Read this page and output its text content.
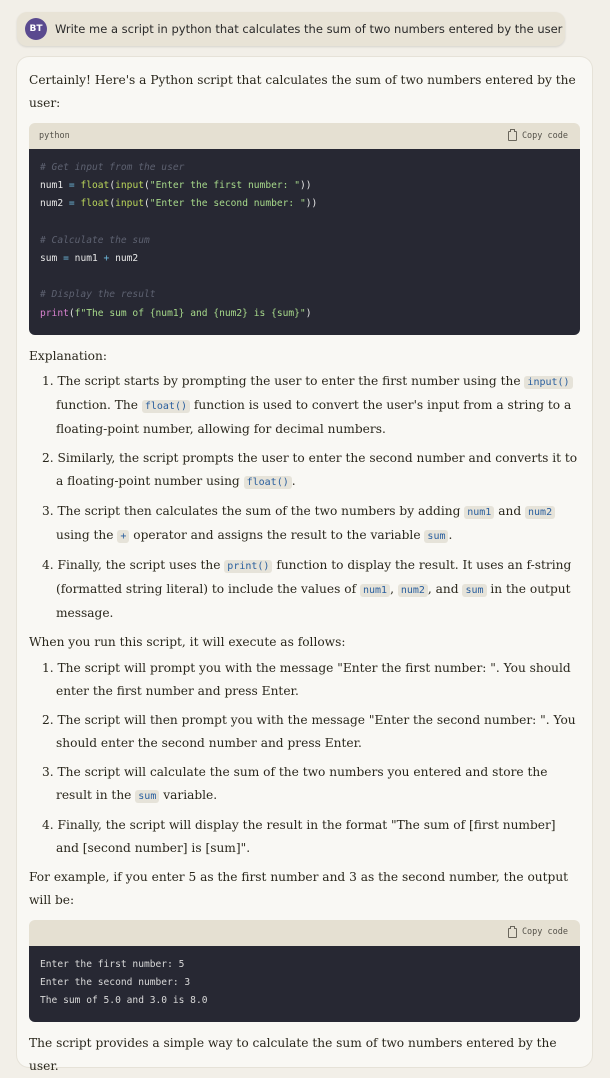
BT	Write me a script in python that calculates the sum of two numbers entered by the user

Certainly! Here's a Python script that calculates the sum of two numbers entered by the user:

python	Copy code
# Get input from the user
num1 = float(input("Enter the first number: "))
num2 = float(input("Enter the second number: "))

# Calculate the sum
sum = num1 + num2

# Display the result
print(f"The sum of {num1} and {num2} is {sum}")

Explanation:

1. The script starts by prompting the user to enter the first number using the input() function. The float() function is used to convert the user's input from a string to a floating-point number, allowing for decimal numbers.
2. Similarly, the script prompts the user to enter the second number and converts it to a floating-point number using float() .
3. The script then calculates the sum of the two numbers by adding num1 and num2 using the + operator and assigns the result to the variable sum .
4. Finally, the script uses the print() function to display the result. It uses an f-string (formatted string literal) to include the values of num1 , num2 , and sum in the output message.

When you run this script, it will execute as follows:

1. The script will prompt you with the message "Enter the first number: ". You should enter the first number and press Enter.
2. The script will then prompt you with the message "Enter the second number: ". You should enter the second number and press Enter.
3. The script will calculate the sum of the two numbers you entered and store the result in the sum variable.
4. Finally, the script will display the result in the format "The sum of [first number] and [second number] is [sum]".

For example, if you enter 5 as the first number and 3 as the second number, the output will be:

Copy code
Enter the first number: 5
Enter the second number: 3
The sum of 5.0 and 3.0 is 8.0

The script provides a simple way to calculate the sum of two numbers entered by the user.
